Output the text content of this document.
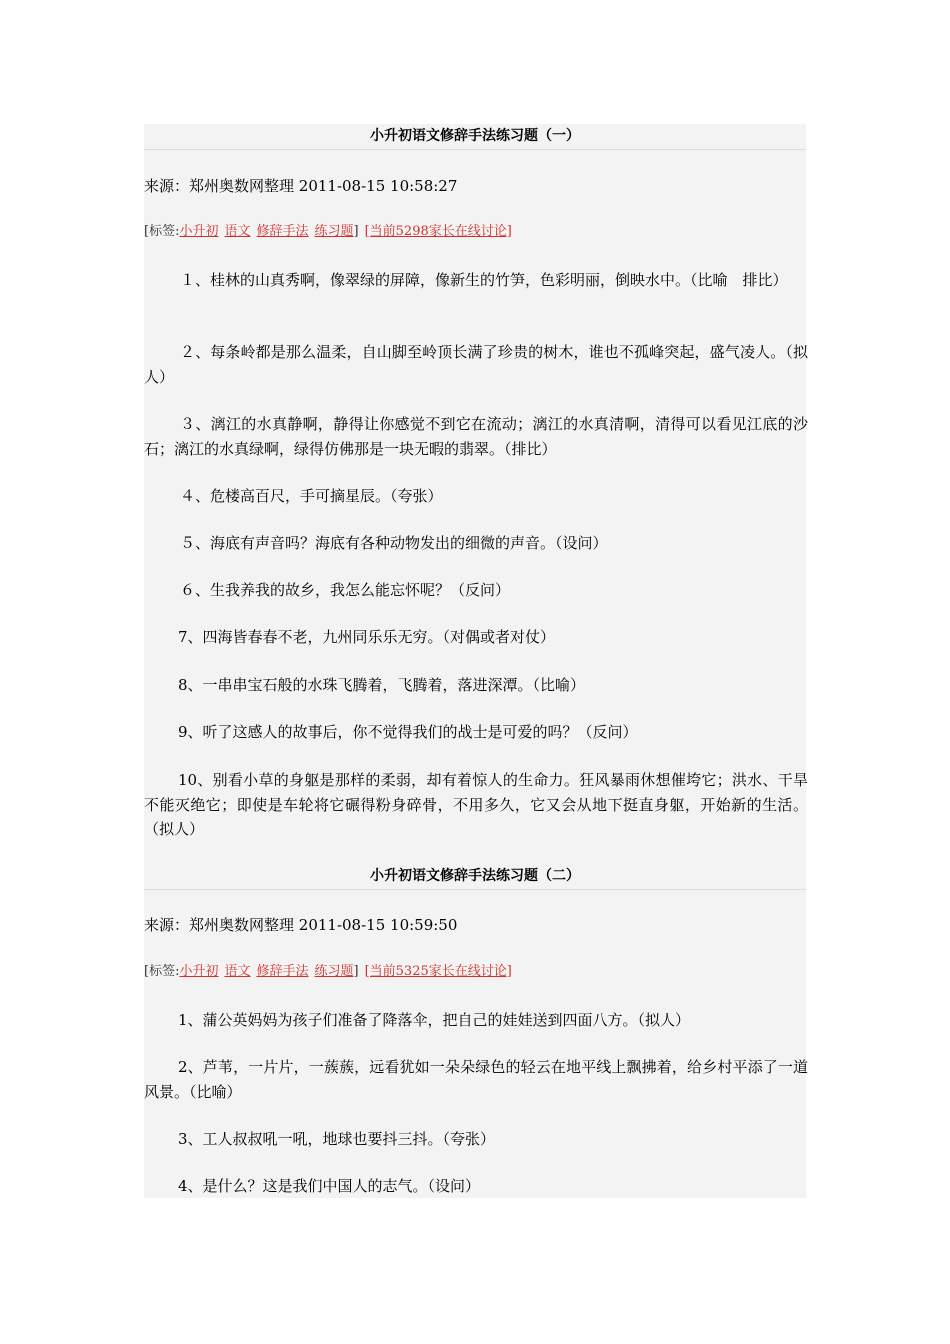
小升初语文修辞手法练习题（一）
来源：郑州奥数网整理 2011-08-15 10:58:27
[标签:小升初 语文 修辞手法 练习题] [当前5298家长在线讨论]
１、桂林的山真秀啊，像翠绿的屏障，像新生的竹笋，色彩明丽，倒映水中。（比喻　排比）
２、每条岭都是那么温柔，自山脚至岭顶长满了珍贵的树木，谁也不孤峰突起，盛气凌人。（拟人）
３、漓江的水真静啊，静得让你感觉不到它在流动；漓江的水真清啊，清得可以看见江底的沙石；漓江的水真绿啊，绿得仿佛那是一块无暇的翡翠。（排比）
４、危楼高百尺，手可摘星辰。（夸张）
５、海底有声音吗？海底有各种动物发出的细微的声音。（设问）
６、生我养我的故乡，我怎么能忘怀呢？（反问）
7、四海皆春春不老，九州同乐乐无穷。（对偶或者对仗）
8、一串串宝石般的水珠飞腾着，飞腾着，落进深潭。（比喻）
9、听了这感人的故事后，你不觉得我们的战士是可爱的吗？（反问）
10、别看小草的身躯是那样的柔弱，却有着惊人的生命力。狂风暴雨休想催垮它；洪水、干旱不能灭绝它；即使是车轮将它碾得粉身碎骨，不用多久，它又会从地下挺直身躯，开始新的生活。（拟人）
小升初语文修辞手法练习题（二）
来源：郑州奥数网整理 2011-08-15 10:59:50
[标签:小升初 语文 修辞手法 练习题] [当前5325家长在线讨论]
1、蒲公英妈妈为孩子们准备了降落伞，把自己的娃娃送到四面八方。（拟人）
2、芦苇，一片片，一蔟蔟，远看犹如一朵朵绿色的轻云在地平线上飘拂着，给乡村平添了一道风景。（比喻）
3、工人叔叔吼一吼，地球也要抖三抖。（夸张）
4、是什么？这是我们中国人的志气。（设问）
